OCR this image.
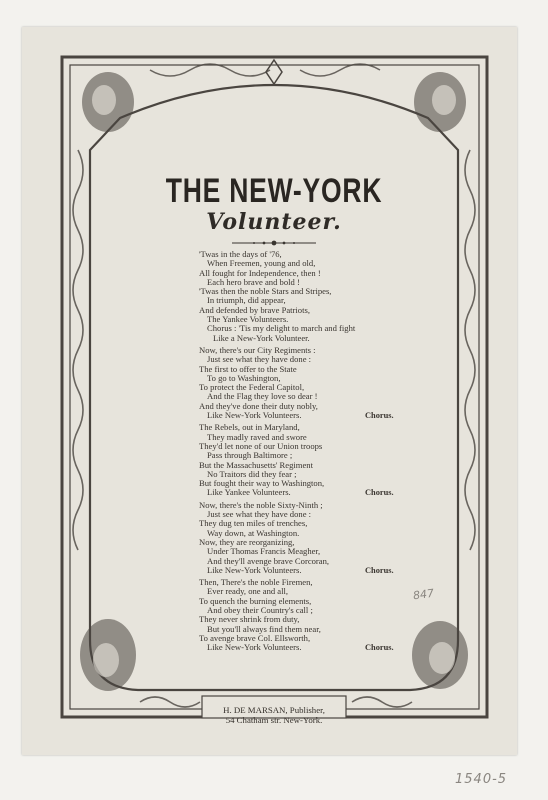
THE NEW-YORK
Volunteer.
'Twas in the days of '76,
When Freemen, young and old,
All fought for Independence, then !
Each hero brave and bold !
'Twas then the noble Stars and Stripes,
In triumph, did appear,
And defended by brave Patriots,
The Yankee Volunteers.
Chorus : 'Tis my delight to march and fight
Like a New-York Volunteer.
Now, there's our City Regiments :
Just see what they have done :
The first to offer to the State
To go to Washington,
To protect the Federal Capitol,
And the Flag they love so dear !
And they've done their duty nobly,
Like New-York Volunteers.	Chorus.
The Rebels, out in Maryland,
They madly raved and swore
They'd let none of our Union troops
Pass through Baltimore ;
But the Massachusetts' Regiment
No Traitors did they fear ;
But fought their way to Washington,
Like Yankee Volunteers.	Chorus.
Now, there's the noble Sixty-Ninth ;
Just see what they have done :
They dug ten miles of trenches,
Way down, at Washington.
Now, they are reorganizing,
Under Thomas Francis Meagher,
And they'll avenge brave Corcoran,
Like New-York Volunteers.	Chorus.
Then, There's the noble Firemen,
Ever ready, one and all,
To quench the burning elements,
And obey their Country's call ;
They never shrink from duty,
But you'll always find them near,
To avenge brave Col. Ellsworth,
Like New-York Volunteers.	Chorus.
H. DE MARSAN, Publisher,
54 Chatham str. New-York.
847
1540-5
